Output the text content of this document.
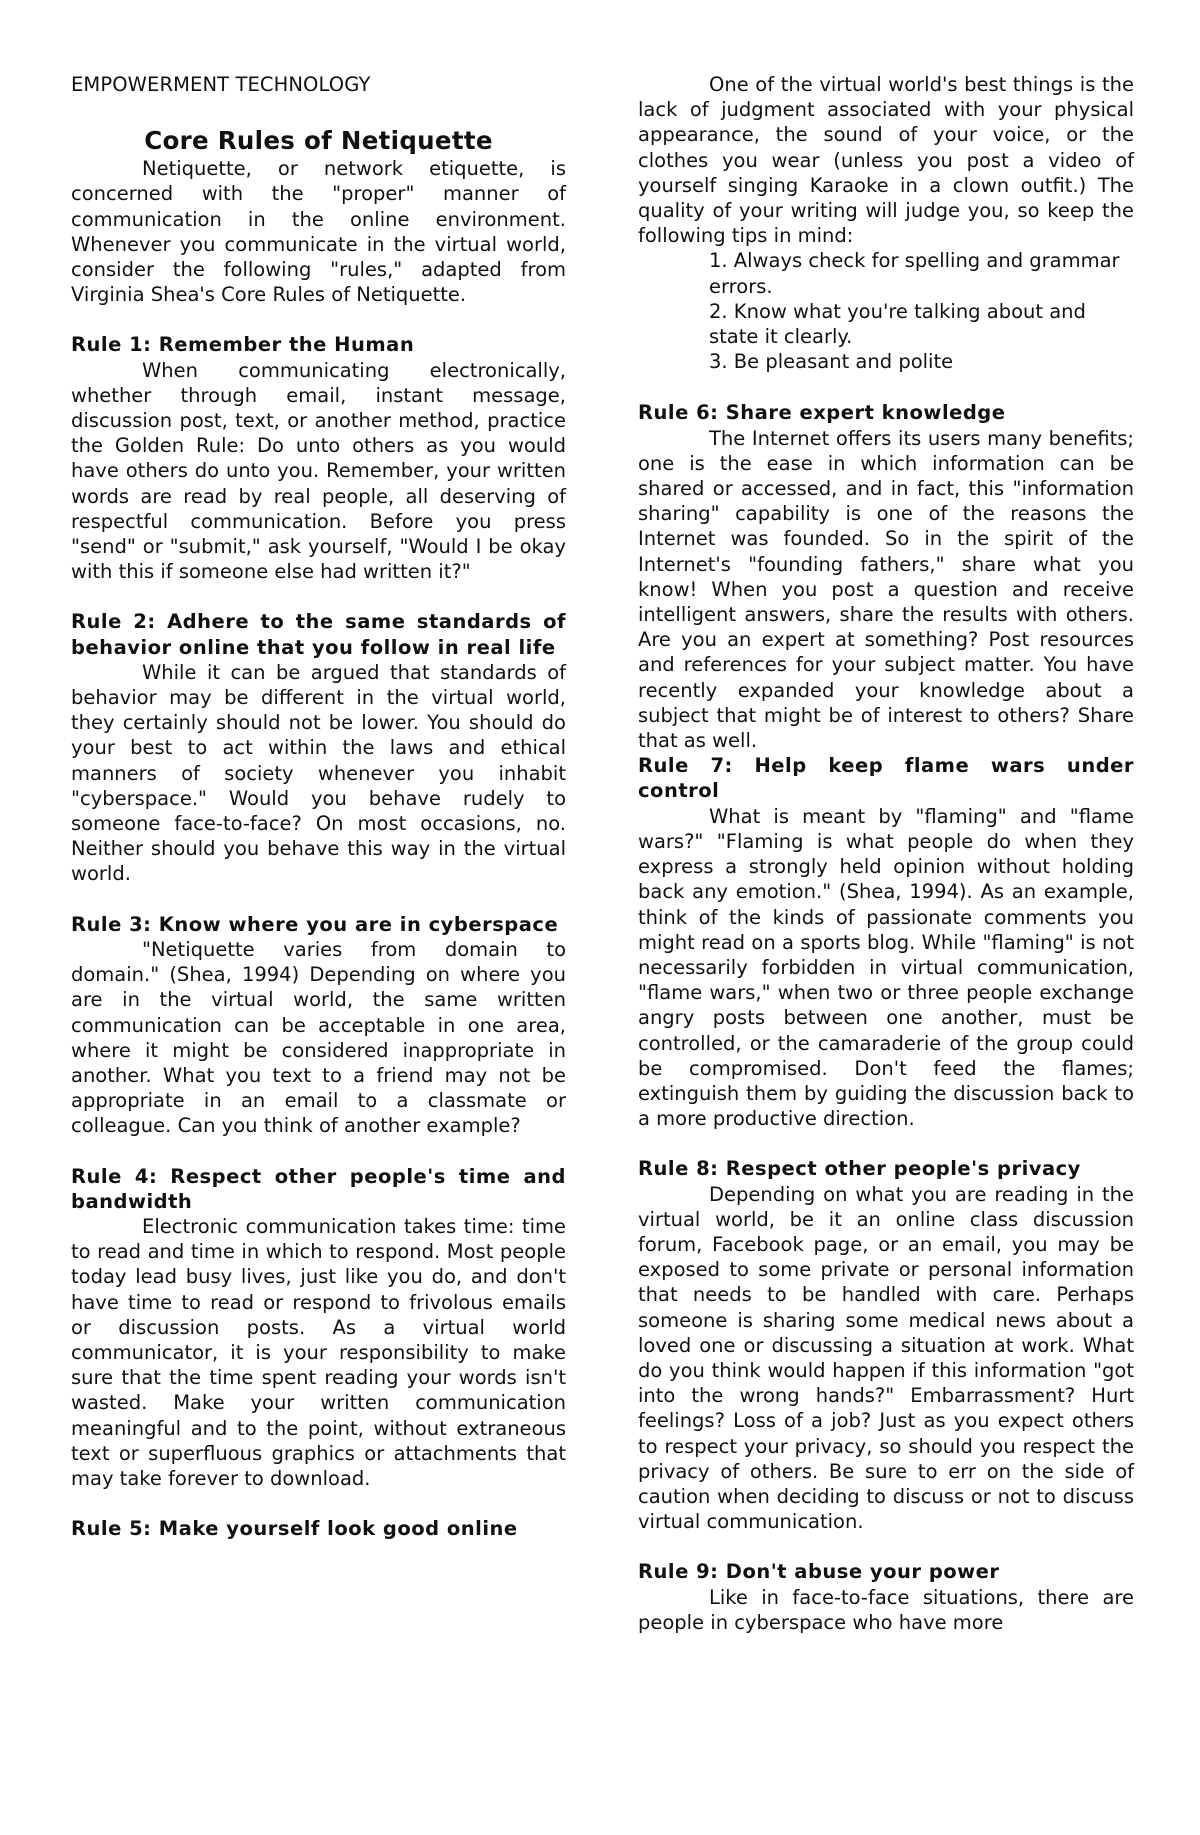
EMPOWERMENT TECHNOLOGY

Core Rules of Netiquette

Netiquette, or network etiquette, is concerned with the "proper" manner of communication in the online environment. Whenever you communicate in the virtual world, consider the following "rules," adapted from Virginia Shea's Core Rules of Netiquette.

Rule 1: Remember the Human

When communicating electronically, whether through email, instant message, discussion post, text, or another method, practice the Golden Rule: Do unto others as you would have others do unto you. Remember, your written words are read by real people, all deserving of respectful communication. Before you press "send" or "submit," ask yourself, "Would I be okay with this if someone else had written it?"

Rule 2: Adhere to the same standards of behavior online that you follow in real life

While it can be argued that standards of behavior may be different in the virtual world, they certainly should not be lower. You should do your best to act within the laws and ethical manners of society whenever you inhabit "cyberspace." Would you behave rudely to someone face-to-face? On most occasions, no. Neither should you behave this way in the virtual world.

Rule 3: Know where you are in cyberspace

"Netiquette varies from domain to domain." (Shea, 1994) Depending on where you are in the virtual world, the same written communication can be acceptable in one area, where it might be considered inappropriate in another. What you text to a friend may not be appropriate in an email to a classmate or colleague. Can you think of another example?

Rule 4: Respect other people's time and bandwidth

Electronic communication takes time: time to read and time in which to respond. Most people today lead busy lives, just like you do, and don't have time to read or respond to frivolous emails or discussion posts. As a virtual world communicator, it is your responsibility to make sure that the time spent reading your words isn't wasted. Make your written communication meaningful and to the point, without extraneous text or superfluous graphics or attachments that may take forever to download.

Rule 5: Make yourself look good online

One of the virtual world's best things is the lack of judgment associated with your physical appearance, the sound of your voice, or the clothes you wear (unless you post a video of yourself singing Karaoke in a clown outfit.) The quality of your writing will judge you, so keep the following tips in mind:

1. Always check for spelling and grammar errors.
2. Know what you're talking about and state it clearly.
3. Be pleasant and polite

Rule 6: Share expert knowledge

The Internet offers its users many benefits; one is the ease in which information can be shared or accessed, and in fact, this "information sharing" capability is one of the reasons the Internet was founded. So in the spirit of the Internet's "founding fathers," share what you know! When you post a question and receive intelligent answers, share the results with others. Are you an expert at something? Post resources and references for your subject matter. You have recently expanded your knowledge about a subject that might be of interest to others? Share that as well.

Rule 7: Help keep flame wars under control

What is meant by "flaming" and "flame wars?" "Flaming is what people do when they express a strongly held opinion without holding back any emotion." (Shea, 1994). As an example, think of the kinds of passionate comments you might read on a sports blog. While "flaming" is not necessarily forbidden in virtual communication, "flame wars," when two or three people exchange angry posts between one another, must be controlled, or the camaraderie of the group could be compromised. Don't feed the flames; extinguish them by guiding the discussion back to a more productive direction.

Rule 8: Respect other people's privacy

Depending on what you are reading in the virtual world, be it an online class discussion forum, Facebook page, or an email, you may be exposed to some private or personal information that needs to be handled with care. Perhaps someone is sharing some medical news about a loved one or discussing a situation at work. What do you think would happen if this information "got into the wrong hands?" Embarrassment? Hurt feelings? Loss of a job? Just as you expect others to respect your privacy, so should you respect the privacy of others. Be sure to err on the side of caution when deciding to discuss or not to discuss virtual communication.

Rule 9: Don't abuse your power

Like in face-to-face situations, there are people in cyberspace who have more
